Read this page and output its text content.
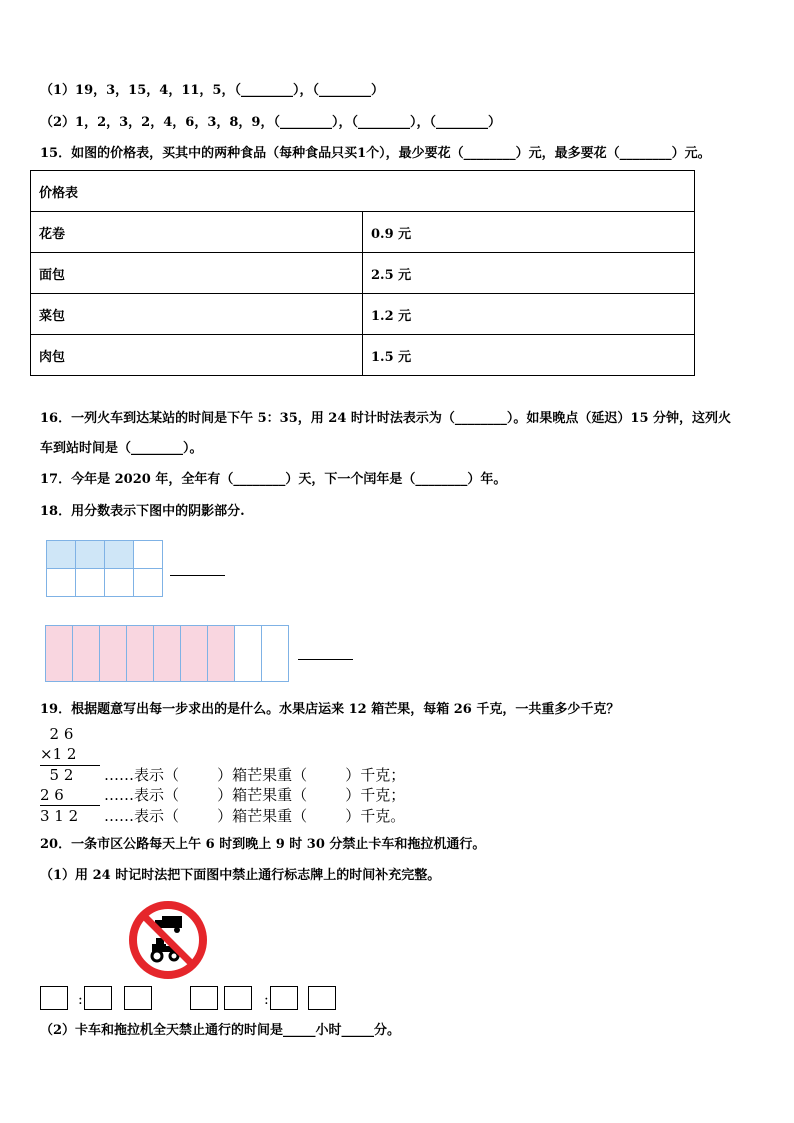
（1）19，3，15，4，11，5，（________），（________）
（2）1，2，3，2，4，6，3，8，9，（________），（________），（________）
15．如图的价格表，买其中的两种食品（每种食品只买1个），最少要花（________）元，最多要花（________）元。
价格表	
花卷	0.9 元
面包	2.5 元
菜包	1.2 元
肉包	1.5 元
16．一列火车到达某站的时间是下午 5：35，用 24 时计时法表示为（________）。如果晚点（延迟）15 分钟，这列火
车到站时间是（________）。
17．今年是 2020 年，全年有（________）天，下一个闰年是（________）年。
18．用分数表示下图中的阴影部分.

19．根据题意写出每一步求出的是什么。水果店运来 12 箱芒果，每箱 26 千克，一共重多少千克？
2 6
×1 2
5 2 ……表示（        ）箱芒果重（        ）千克；
2 6	……表示（        ）箱芒果重（        ）千克；
3 1 2 ……表示（        ）箱芒果重（        ）千克。
20．一条市区公路每天上午 6 时到晚上 9 时 30 分禁止卡车和拖拉机通行。
（1）用 24 时记时法把下面图中禁止通行标志牌上的时间补充完整。
:	:
（2）卡车和拖拉机全天禁止通行的时间是_____小时_____分。
